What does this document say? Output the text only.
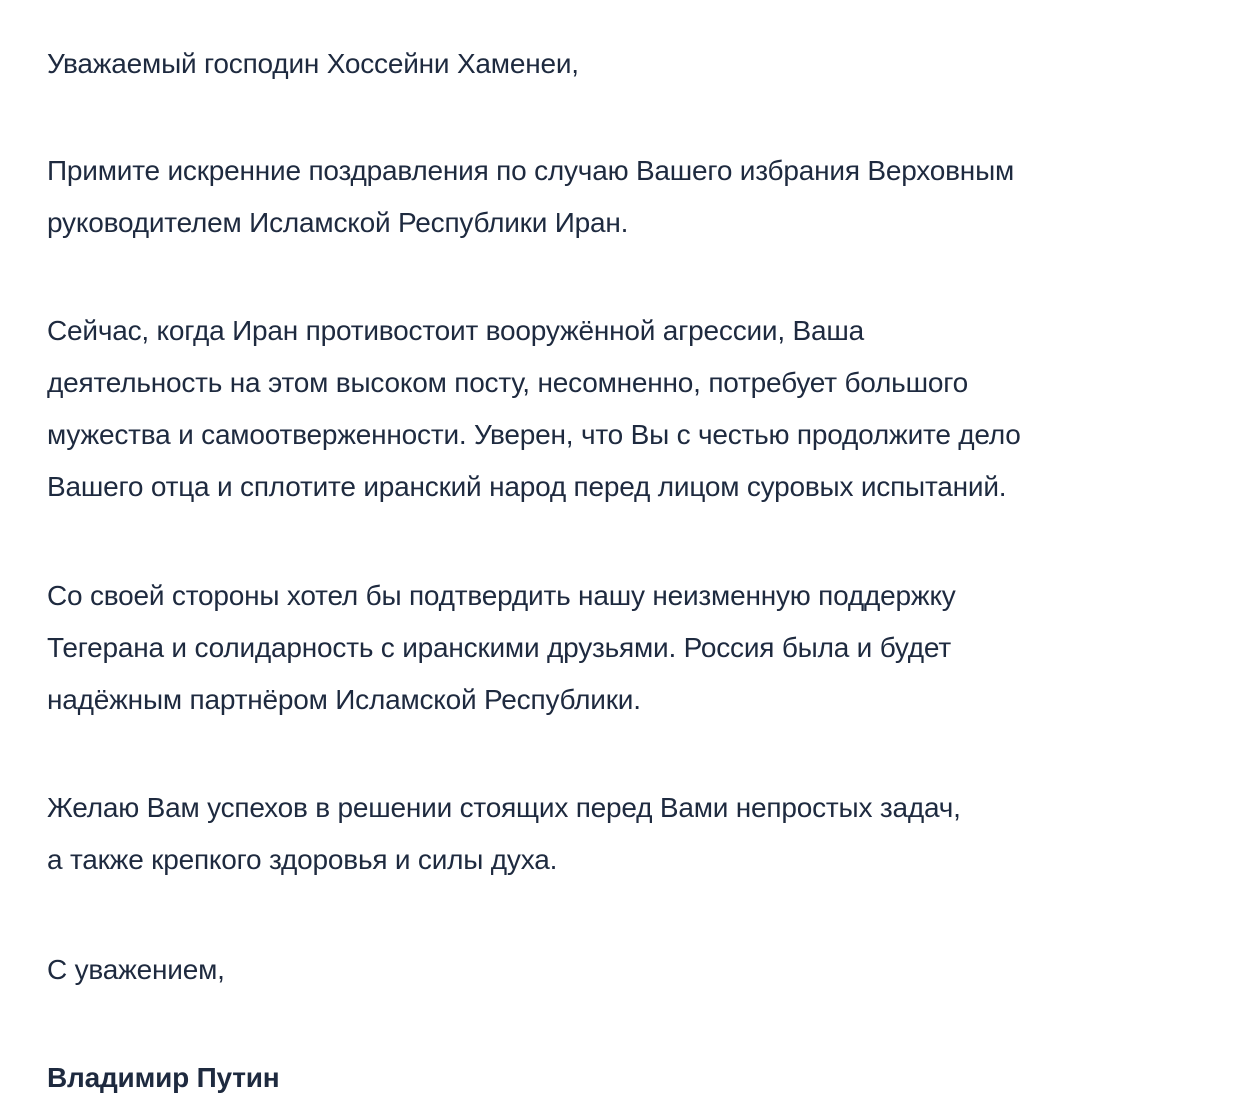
Уважаемый господин Хоссейни Хаменеи,

Примите искренние поздравления по случаю Вашего избрания Верховным

руководителем Исламской Республики Иран.

Сейчас, когда Иран противостоит вооружённой агрессии, Ваша

деятельность на этом высоком посту, несомненно, потребует большого

мужества и самоотверженности. Уверен, что Вы с честью продолжите дело

Вашего отца и сплотите иранский народ перед лицом суровых испытаний.

Со своей стороны хотел бы подтвердить нашу неизменную поддержку

Тегерана и солидарность с иранскими друзьями. Россия была и будет

надёжным партнёром Исламской Республики.

Желаю Вам успехов в решении стоящих перед Вами непростых задач,

а также крепкого здоровья и силы духа.

С уважением,

Владимир Путин
